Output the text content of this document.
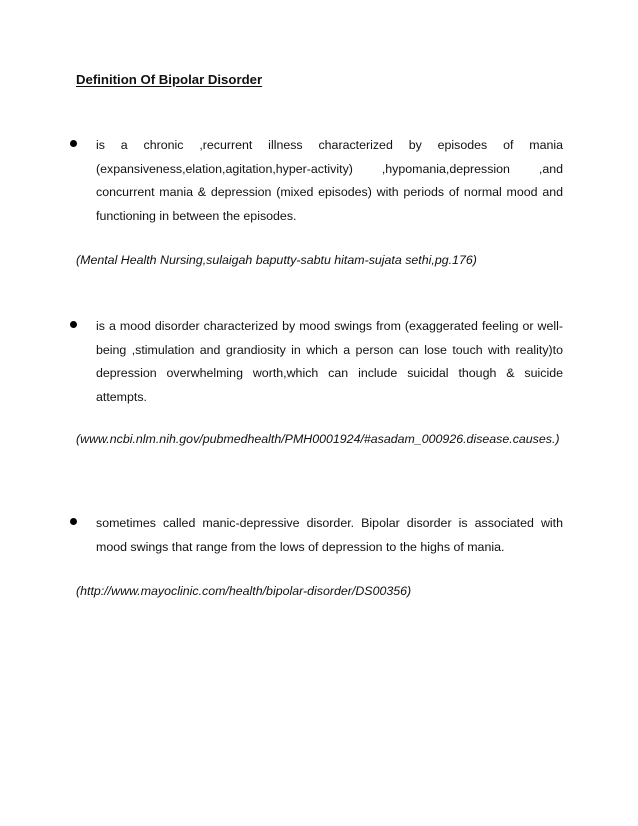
Definition Of Bipolar Disorder
is a chronic ,recurrent illness characterized by episodes of mania (expansiveness,elation,agitation,hyper-activity) ,hypomania,depression ,and concurrent mania & depression (mixed episodes) with periods of normal mood and functioning in between the episodes.

(Mental Health Nursing,sulaigah baputty-sabtu hitam-sujata sethi,pg.176)

is a mood disorder characterized by mood swings from (exaggerated feeling or well-being ,stimulation and grandiosity in which a person can lose touch with reality)to depression overwhelming worth,which can include suicidal though & suicide attempts.

(www.ncbi.nlm.nih.gov/pubmedhealth/PMH0001924/#asadam_000926.disease.causes.)

sometimes called manic-depressive disorder. Bipolar disorder is associated with mood swings that range from the lows of depression to the highs of mania.

(http://www.mayoclinic.com/health/bipolar-disorder/DS00356)
